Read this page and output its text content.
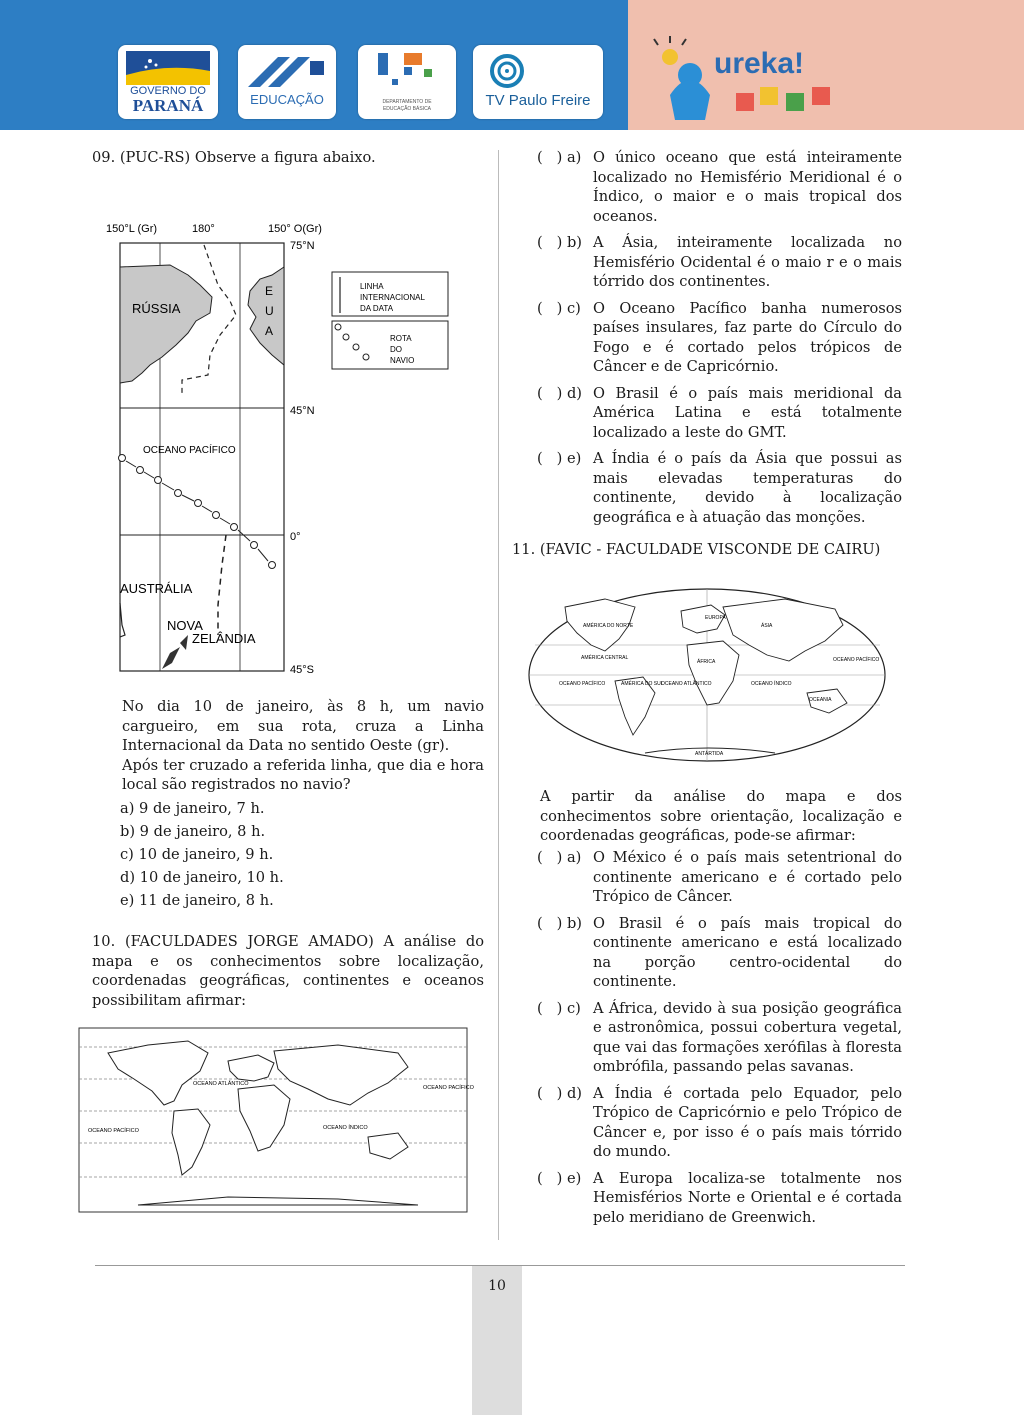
GOVERNO DO
PARANÁ	EDUCAÇÃO	DEPARTAMENTO DE
EDUCAÇÃO BÁSICA	TV Paulo Freire
ureka!

09. (PUC-RS) Observe a figura abaixo.

150°L (Gr)	180°	150° O(Gr)
75°N
45°N
0°
45°S
RÚSSIA
E
U
A
OCEANO PACÍFICO
AUSTRÁLIA
NOVA
ZELÂNDIA
LINHA
INTERNACIONAL
DA DATA
ROTA
DO
NAVIO

No dia 10 de janeiro, às 8 h, um navio cargueiro, em sua rota, cruza a Linha Internacional da Data no sentido Oeste (gr).

Após ter cruzado a referida linha, que dia e hora local são registrados no navio?

a) 9 de janeiro, 7 h.

b) 9 de janeiro, 8 h.

c) 10 de janeiro, 9 h.

d) 10 de janeiro, 10 h.

e) 11 de janeiro, 8 h.

10. (FACULDADES JORGE AMADO) A análise do mapa e os conhecimentos sobre localização, coordenadas geográficas, continentes e oceanos possibilitam afirmar:

OCEANO ATLÂNTICO
OCEANO PACÍFICO
OCEANO PACÍFICO	OCEANO ÍNDICO
(   ) a) O único oceano que está inteiramente localizado no Hemisfério Meridional é o Índico, o maior e o mais tropical dos oceanos.
(   ) b) A Ásia, inteiramente localizada no Hemisfério Ocidental é o maio r e o mais tórrido dos continentes.
(   ) c) O Oceano Pacífico banha numerosos países insulares, faz parte do Círculo do Fogo e é cortado pelos trópicos de Câncer e de Capricórnio.
(   ) d) O Brasil é o país mais meridional da América Latina e está totalmente localizado a leste do GMT.
(   ) e) A Índia é o país da Ásia que possui as mais elevadas temperaturas do continente, devido à localização geográfica e à atuação das monções.

11. (FAVIC - FACULDADE VISCONDE DE CAIRU)

AMÉRICA DO NORTE
EUROPA
ÁSIA
ÁFRICA
AMÉRICA CENTRAL	OCEANO PACÍFICO
OCEANO PACÍFICO	AMÉRICA DO SUL
OCEANO ATLÂNTICO	OCEANO ÍNDICO
OCEANIA
ANTÁRTIDA

A partir da análise do mapa e dos conhecimentos sobre orientação, localização e coordenadas geográficas, pode-se afirmar:

(   ) a) O México é o país mais setentrional do continente americano e é cortado pelo Trópico de Câncer.
(   ) b) O Brasil é o país mais tropical do continente americano e está localizado na porção centro-ocidental do continente.
(   ) c) A África, devido à sua posição geográfica e astronômica, possui cobertura vegetal, que vai das formações xerófilas à floresta ombrófila, passando pelas savanas.
(   ) d) A Índia é cortada pelo Equador, pelo Trópico de Capricórnio e pelo Trópico de Câncer e, por isso é o país mais tórrido do mundo.
(   ) e) A Europa localiza-se totalmente nos Hemisférios Norte e Oriental e é cortada pelo meridiano de Greenwich.
10
